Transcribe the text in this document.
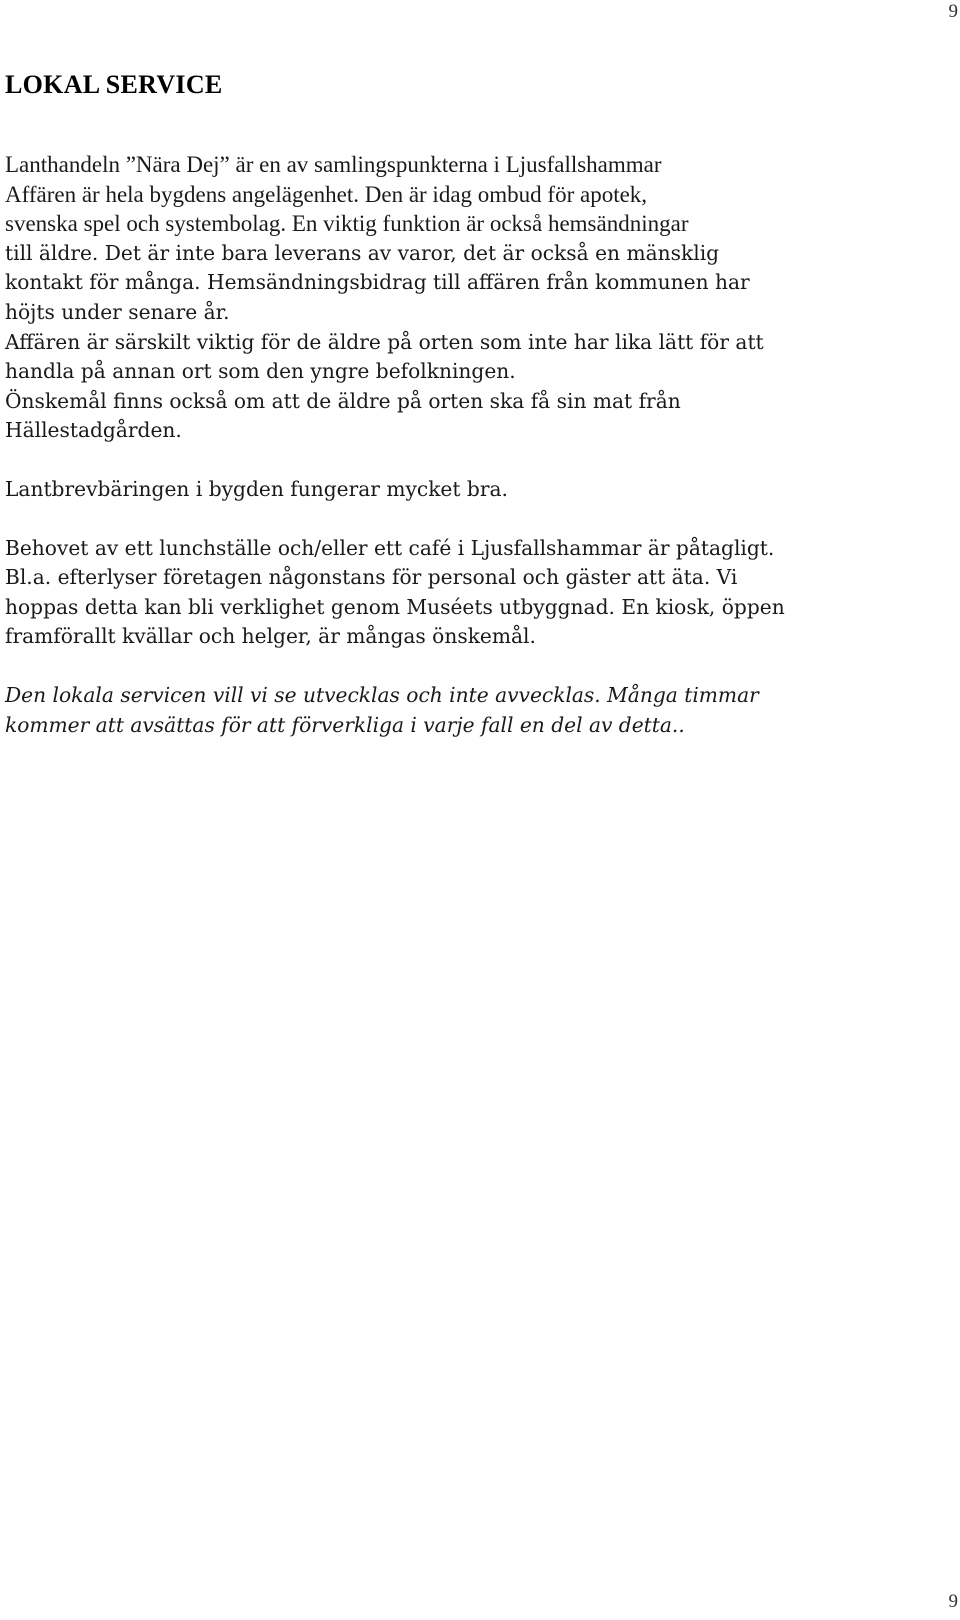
9
LOKAL SERVICE
Lanthandeln ”Nära Dej” är en av samlingspunkterna i Ljusfallshammar
Affären är hela bygdens angelägenhet. Den är idag ombud för apotek,
svenska spel och systembolag. En viktig funktion är också hemsändningar
till äldre. Det är inte bara leverans av varor, det är också en mänsklig
kontakt för många. Hemsändningsbidrag till affären från kommunen har
höjts under senare år.
Affären är särskilt viktig för de äldre på orten som inte har lika lätt för att
handla på annan ort som den yngre befolkningen.
Önskemål finns också om att de äldre på orten ska få sin mat från
Hällestadgården.
Lantbrevbäringen i bygden fungerar mycket bra.
Behovet av ett lunchställe och/eller ett café i Ljusfallshammar är påtagligt.
Bl.a. efterlyser företagen någonstans för personal och gäster att äta. Vi
hoppas detta kan bli verklighet genom Muséets utbyggnad. En kiosk, öppen
framförallt kvällar och helger, är mångas önskemål.
Den lokala servicen vill vi se utvecklas och inte avvecklas. Många timmar
kommer att avsättas för att förverkliga i varje fall en del av detta..
9
